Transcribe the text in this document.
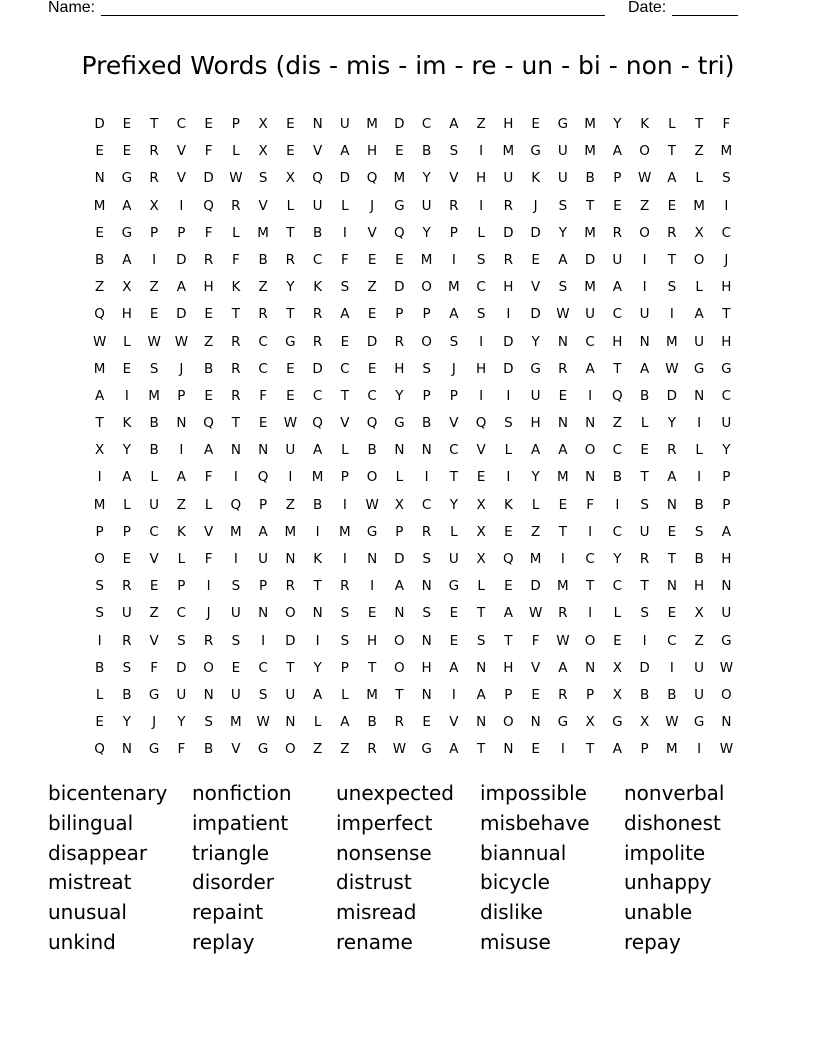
Name:	Date:
Prefixed Words (dis - mis - im - re - un - bi - non - tri)
D	E	T	C	E	P	X	E	N	U	M	D	C	A	Z	H	E	G	M	Y	K	L	T	F
E	E	R	V	F	L	X	E	V	A	H	E	B	S	I	M	G	U	M	A	O	T	Z	M
N	G	R	V	D	W	S	X	Q	D	Q	M	Y	V	H	U	K	U	B	P	W	A	L	S
M	A	X	I	Q	R	V	L	U	L	J	G	U	R	I	R	J	S	T	E	Z	E	M	I
E	G	P	P	F	L	M	T	B	I	V	Q	Y	P	L	D	D	Y	M	R	O	R	X	C
B	A	I	D	R	F	B	R	C	F	E	E	M	I	S	R	E	A	D	U	I	T	O	J
Z	X	Z	A	H	K	Z	Y	K	S	Z	D	O	M	C	H	V	S	M	A	I	S	L	H
Q	H	E	D	E	T	R	T	R	A	E	P	P	A	S	I	D	W	U	C	U	I	A	T
W	L	W	W	Z	R	C	G	R	E	D	R	O	S	I	D	Y	N	C	H	N	M	U	H
M	E	S	J	B	R	C	E	D	C	E	H	S	J	H	D	G	R	A	T	A	W	G	G
A	I	M	P	E	R	F	E	C	T	C	Y	P	P	I	I	U	E	I	Q	B	D	N	C
T	K	B	N	Q	T	E	W	Q	V	Q	G	B	V	Q	S	H	N	N	Z	L	Y	I	U
X	Y	B	I	A	N	N	U	A	L	B	N	N	C	V	L	A	A	O	C	E	R	L	Y
I	A	L	A	F	I	Q	I	M	P	O	L	I	T	E	I	Y	M	N	B	T	A	I	P
M	L	U	Z	L	Q	P	Z	B	I	W	X	C	Y	X	K	L	E	F	I	S	N	B	P
P	P	C	K	V	M	A	M	I	M	G	P	R	L	X	E	Z	T	I	C	U	E	S	A
O	E	V	L	F	I	U	N	K	I	N	D	S	U	X	Q	M	I	C	Y	R	T	B	H
S	R	E	P	I	S	P	R	T	R	I	A	N	G	L	E	D	M	T	C	T	N	H	N
S	U	Z	C	J	U	N	O	N	S	E	N	S	E	T	A	W	R	I	L	S	E	X	U
I	R	V	S	R	S	I	D	I	S	H	O	N	E	S	T	F	W	O	E	I	C	Z	G
B	S	F	D	O	E	C	T	Y	P	T	O	H	A	N	H	V	A	N	X	D	I	U	W
L	B	G	U	N	U	S	U	A	L	M	T	N	I	A	P	E	R	P	X	B	B	U	O
E	Y	J	Y	S	M	W	N	L	A	B	R	E	V	N	O	N	G	X	G	X	W	G	N
Q	N	G	F	B	V	G	O	Z	Z	R	W	G	A	T	N	E	I	T	A	P	M	I	W
bicentenary	nonfiction	unexpected	impossible	nonverbal
bilingual	impatient	imperfect	misbehave	dishonest
disappear	triangle	nonsense	biannual	impolite
mistreat	disorder	distrust	bicycle	unhappy
unusual	repaint	misread	dislike	unable
unkind	replay	rename	misuse	repay
